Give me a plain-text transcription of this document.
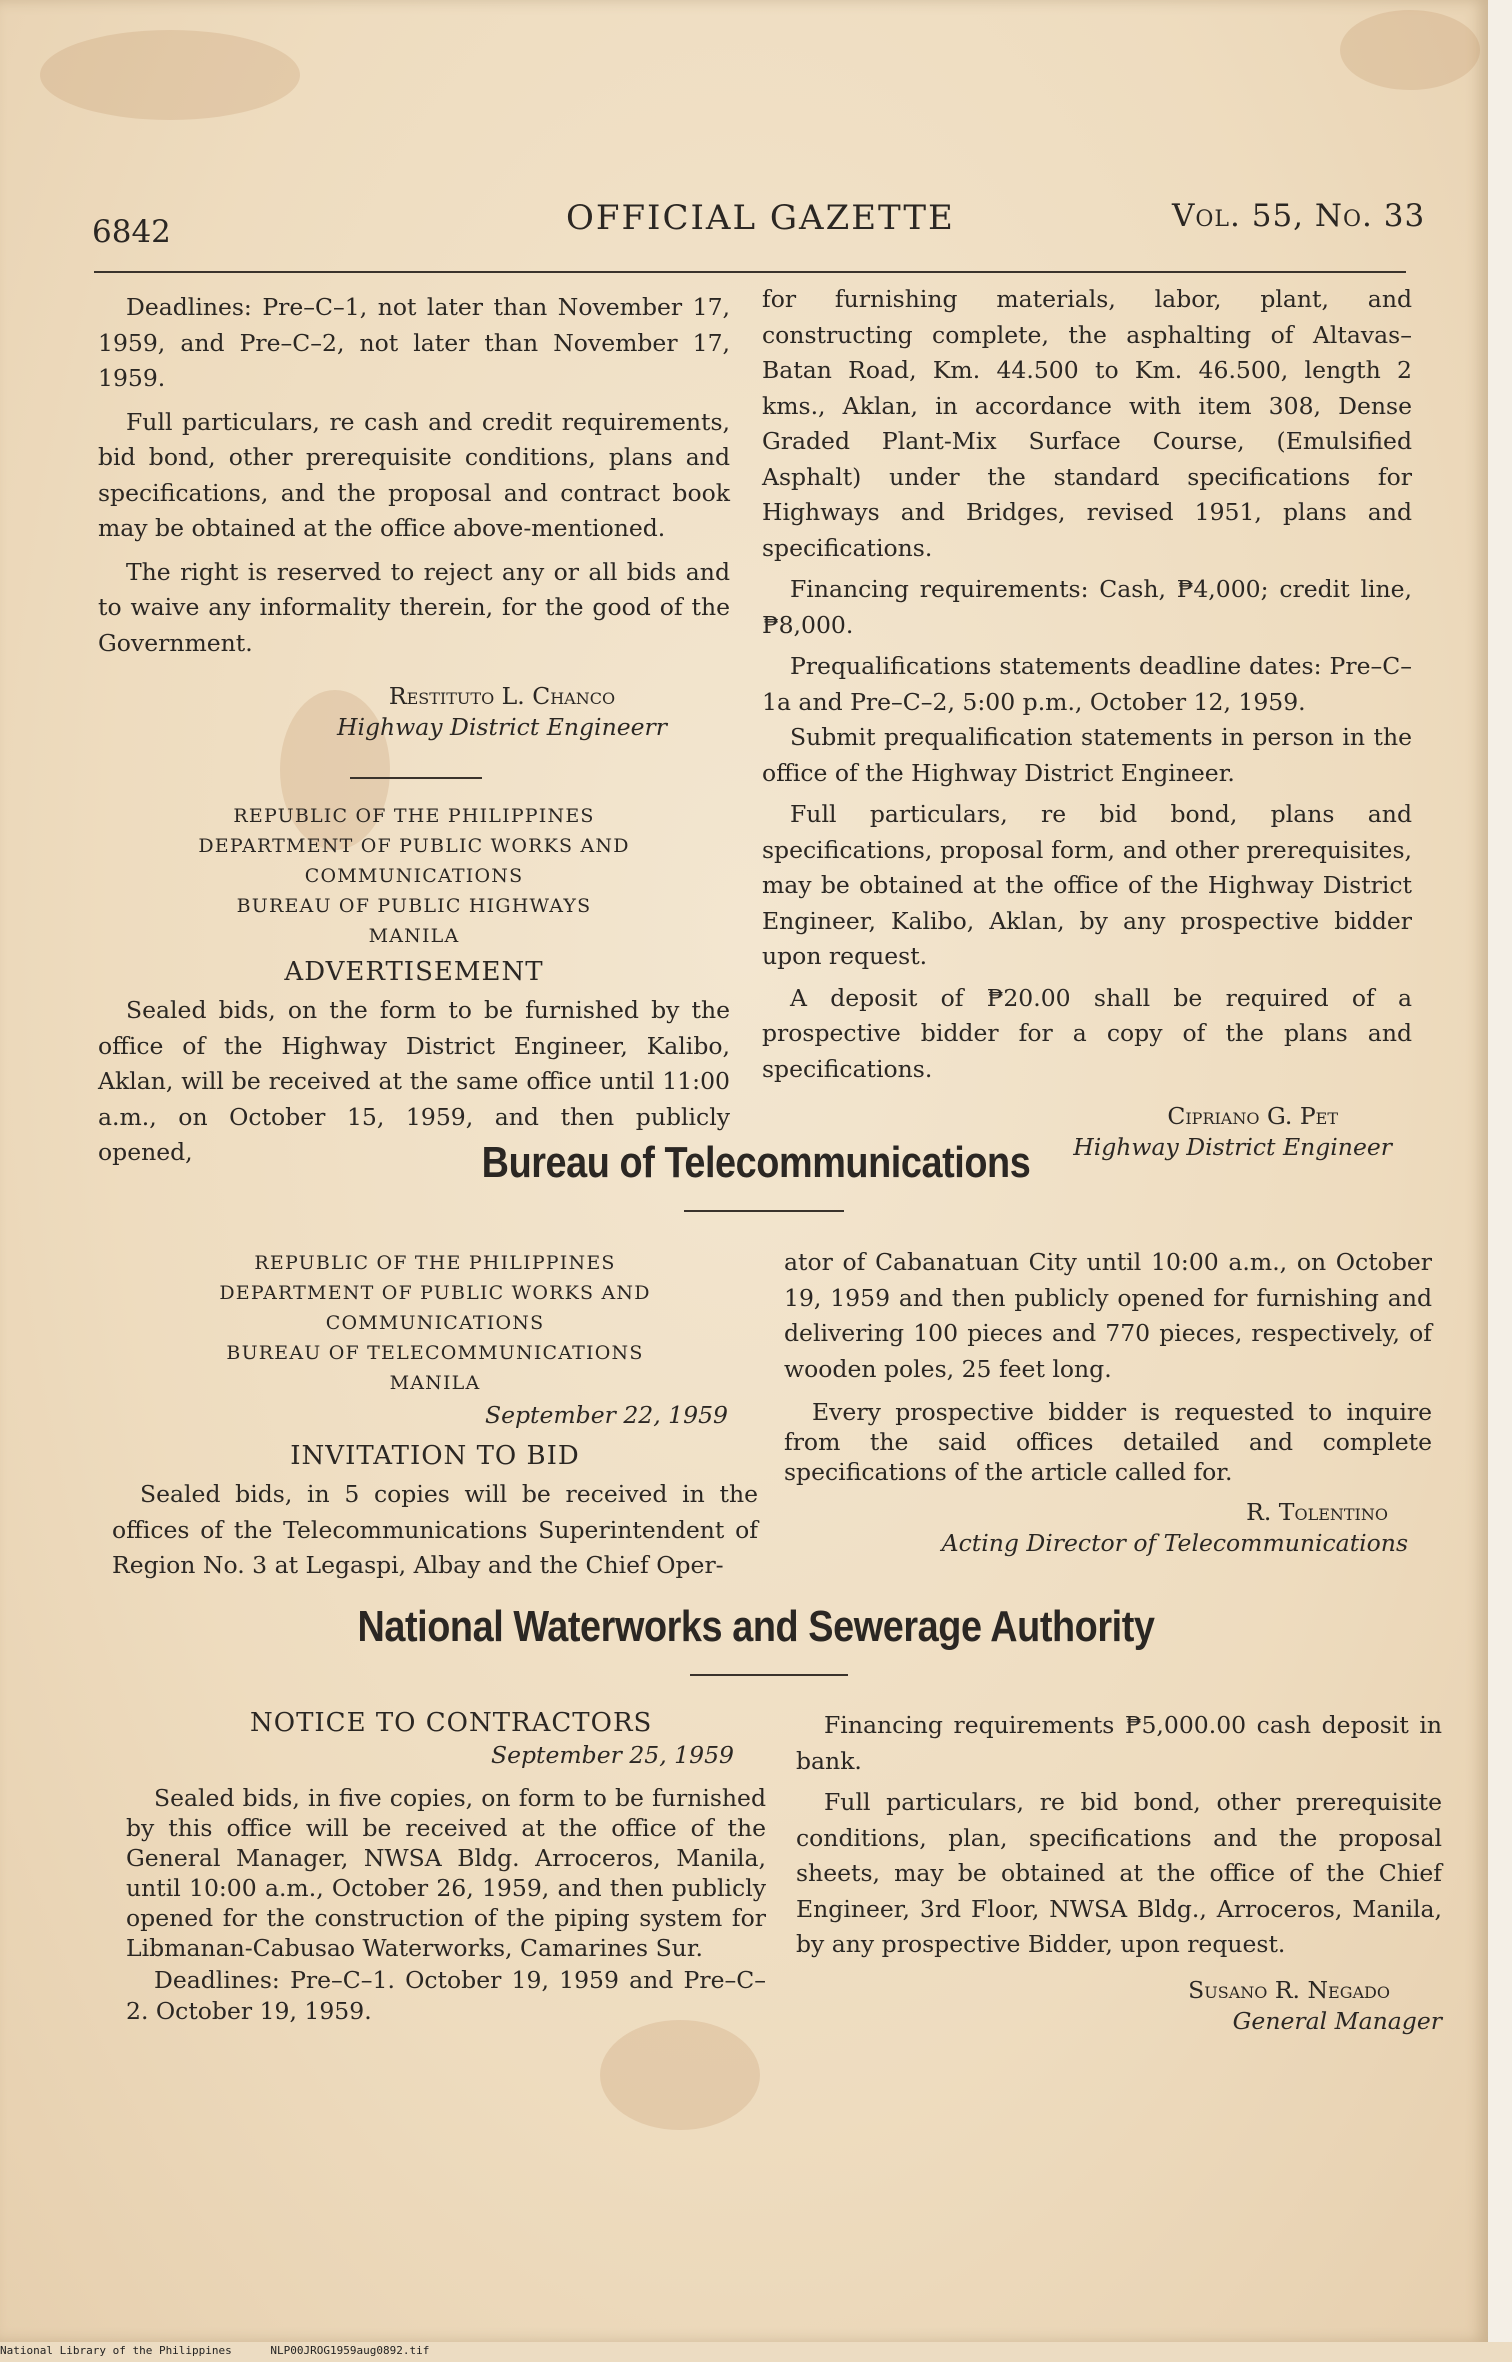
6842	OFFICIAL GAZETTE	Vol. 55, No. 33

Deadlines: Pre–C–1, not later than November 17, 1959, and Pre–C–2, not later than November 17, 1959.

Full particulars, re cash and credit requirements, bid bond, other prerequisite conditions, plans and specifications, and the proposal and contract book may be obtained at the office above-mentioned.

The right is reserved to reject any or all bids and to waive any informality therein, for the good of the Government.

Restituto L. Chanco
Highway District Engineerr
REPUBLIC OF THE PHILIPPINES
DEPARTMENT OF PUBLIC WORKS AND COMMUNICATIONS
BUREAU OF PUBLIC HIGHWAYS
MANILA
ADVERTISEMENT

Sealed bids, on the form to be furnished by the office of the Highway District Engineer, Kalibo, Aklan, will be received at the same office until 11:00 a.m., on October 15, 1959, and then publicly opened,

for furnishing materials, labor, plant, and constructing complete, the asphalting of Altavas–Batan Road, Km. 44.500 to Km. 46.500, length 2 kms., Aklan, in accordance with item 308, Dense Graded Plant-Mix Surface Course, (Emulsified Asphalt) under the standard specifications for Highways and Bridges, revised 1951, plans and specifications.

Financing requirements: Cash, ₱4,000; credit line, ₱8,000.

Prequalifications statements deadline dates: Pre–C–1a and Pre–C–2, 5:00 p.m., October 12, 1959.

Submit prequalification statements in person in the office of the Highway District Engineer.

Full particulars, re bid bond, plans and specifications, proposal form, and other prerequisites, may be obtained at the office of the Highway District Engineer, Kalibo, Aklan, by any prospective bidder upon request.

A deposit of ₱20.00 shall be required of a prospective bidder for a copy of the plans and specifications.

Cipriano G. Pet
Highway District Engineer
Bureau of Telecommunications
REPUBLIC OF THE PHILIPPINES
DEPARTMENT OF PUBLIC WORKS AND COMMUNICATIONS
BUREAU OF TELECOMMUNICATIONS
MANILA
September 22, 1959
INVITATION TO BID

Sealed bids, in 5 copies will be received in the offices of the Telecommunications Superintendent of Region No. 3 at Legaspi, Albay and the Chief Oper-

ator of Cabanatuan City until 10:00 a.m., on October 19, 1959 and then publicly opened for furnishing and delivering 100 pieces and 770 pieces, respectively, of wooden poles, 25 feet long.

Every prospective bidder is requested to inquire from the said offices detailed and complete specifications of the article called for.

R. Tolentino
Acting Director of Telecommunications
National Waterworks and Sewerage Authority
NOTICE TO CONTRACTORS
September 25, 1959

Sealed bids, in five copies, on form to be furnished by this office will be received at the office of the General Manager, NWSA Bldg. Arroceros, Manila, until 10:00 a.m., October 26, 1959, and then publicly opened for the construction of the piping system for Libmanan-Cabusao Waterworks, Camarines Sur.

Deadlines: Pre–C–1. October 19, 1959 and Pre–C–2. October 19, 1959.

Financing requirements ₱5,000.00 cash deposit in bank.

Full particulars, re bid bond, other prerequisite conditions, plan, specifications and the proposal sheets, may be obtained at the office of the Chief Engineer, 3rd Floor, NWSA Bldg., Arroceros, Manila, by any prospective Bidder, upon request.

Susano R. Negado
General Manager
National Library of the Philippines	NLP00JROG1959aug0892.tif
